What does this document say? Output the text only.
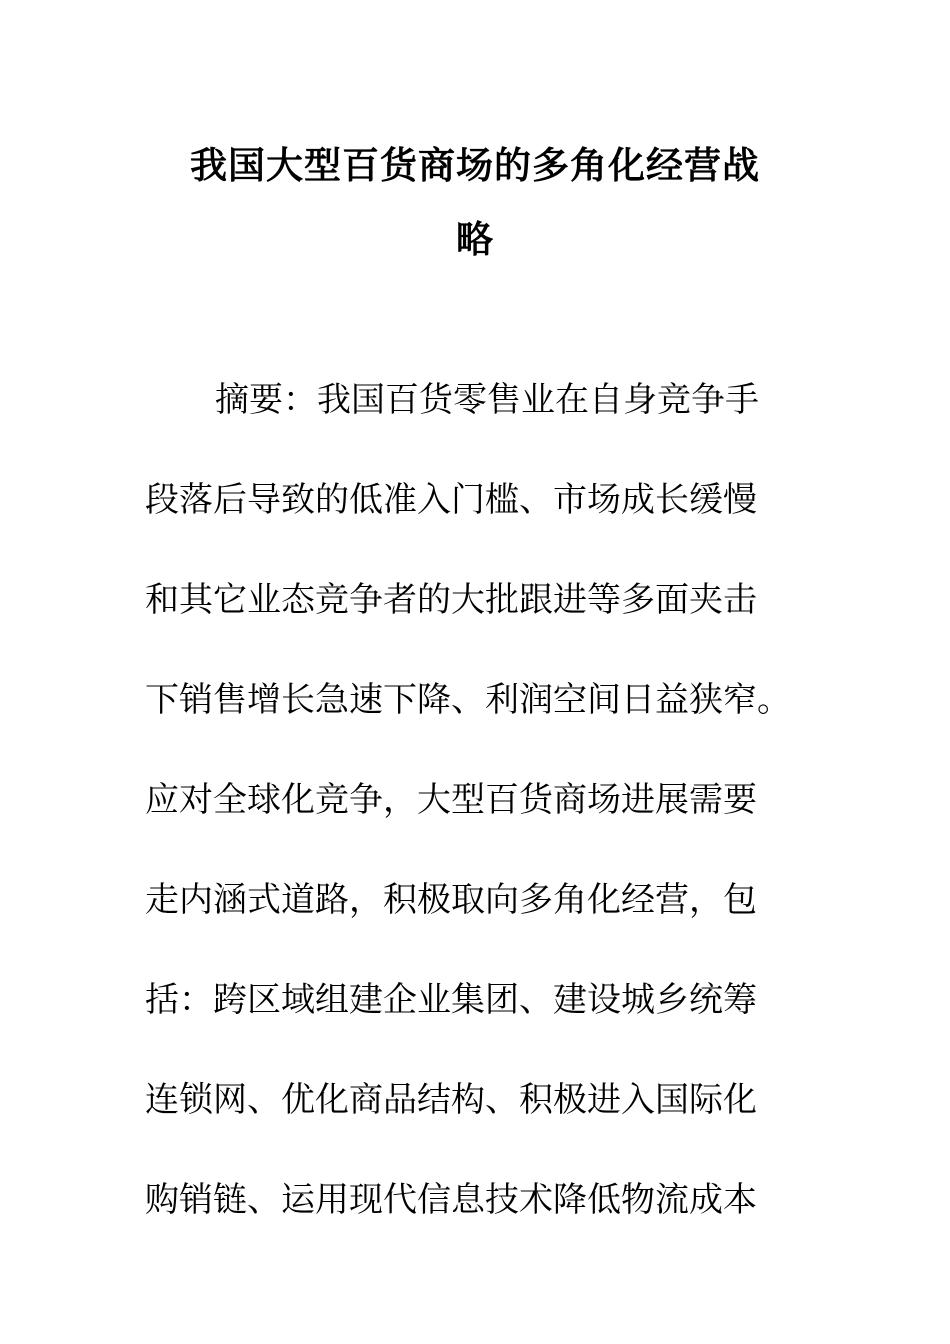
我国大型百货商场的多角化经营战
略
摘要：我国百货零售业在自身竞争手
段落后导致的低准入门槛、市场成长缓慢
和其它业态竞争者的大批跟进等多面夹击
下销售增长急速下降、利润空间日益狭窄。
应对全球化竞争，大型百货商场进展需要
走内涵式道路，积极取向多角化经营，包
括：跨区域组建企业集团、建设城乡统筹
连锁网、优化商品结构、积极进入国际化
购销链、运用现代信息技术降低物流成本
